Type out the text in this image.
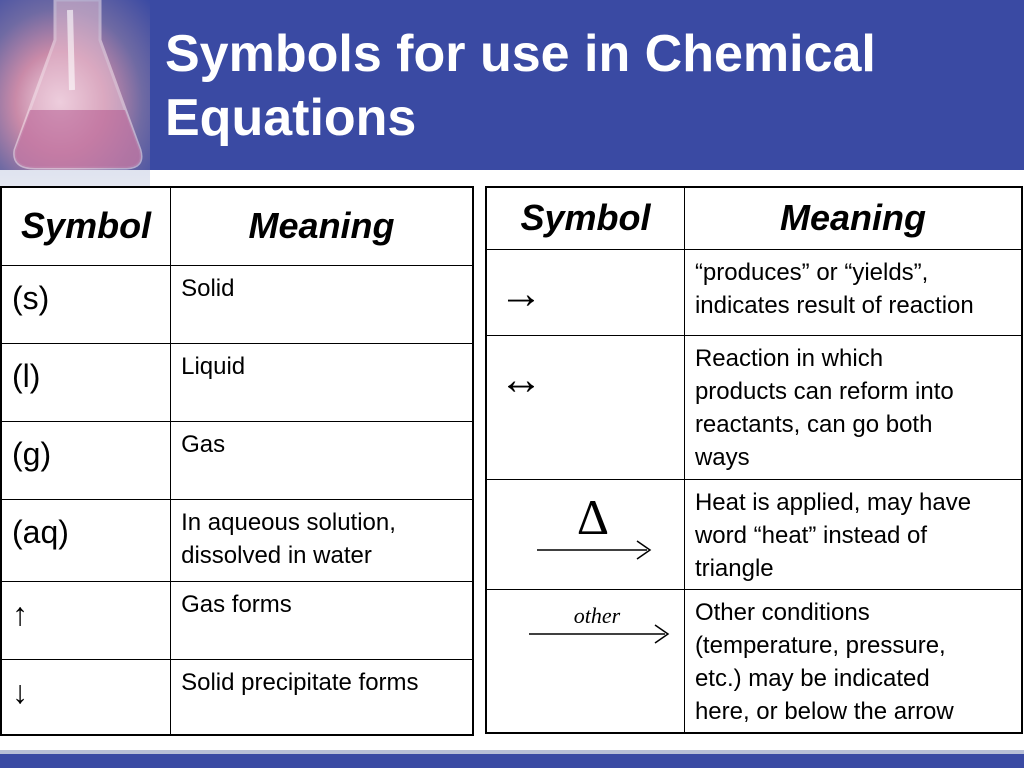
Symbols for use in Chemical
Equations
Symbol	Meaning
(s)	Solid
(l)	Liquid
(g)	Gas
(aq)	In aqueous solution,
dissolved in water

↑	Gas forms
↓	Solid precipitate forms
Symbol	Meaning
→	“produces” or “yields”,
indicates result of reaction

↔	Reaction in which
products can reform into
reactants, can go both
ways

Δ	Heat is applied, may have
word “heat” instead of
triangle

other	Other conditions
(temperature, pressure,
etc.) may be indicated
here, or below the arrow
